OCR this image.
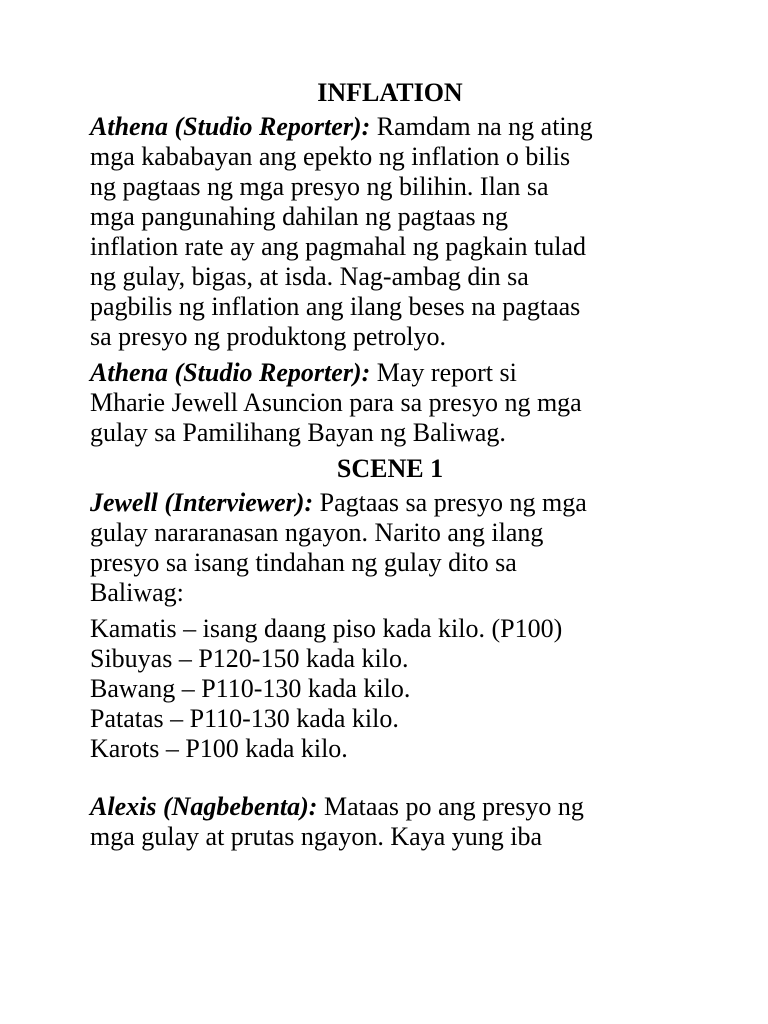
INFLATION
Athena (Studio Reporter): Ramdam na ng ating
mga kababayan ang epekto ng inflation o bilis
ng pagtaas ng mga presyo ng bilihin. Ilan sa
mga pangunahing dahilan ng pagtaas ng
inflation rate ay ang pagmahal ng pagkain tulad
ng gulay, bigas, at isda. Nag-ambag din sa
pagbilis ng inflation ang ilang beses na pagtaas
sa presyo ng produktong petrolyo.
Athena (Studio Reporter): May report si
Mharie Jewell Asuncion para sa presyo ng mga
gulay sa Pamilihang Bayan ng Baliwag.
SCENE 1
Jewell (Interviewer): Pagtaas sa presyo ng mga
gulay nararanasan ngayon. Narito ang ilang
presyo sa isang tindahan ng gulay dito sa
Baliwag:
Kamatis – isang daang piso kada kilo. (P100)
Sibuyas – P120-150 kada kilo.
Bawang – P110-130 kada kilo.
Patatas – P110-130 kada kilo.
Karots – P100 kada kilo.
Alexis (Nagbebenta): Mataas po ang presyo ng
mga gulay at prutas ngayon. Kaya yung iba
